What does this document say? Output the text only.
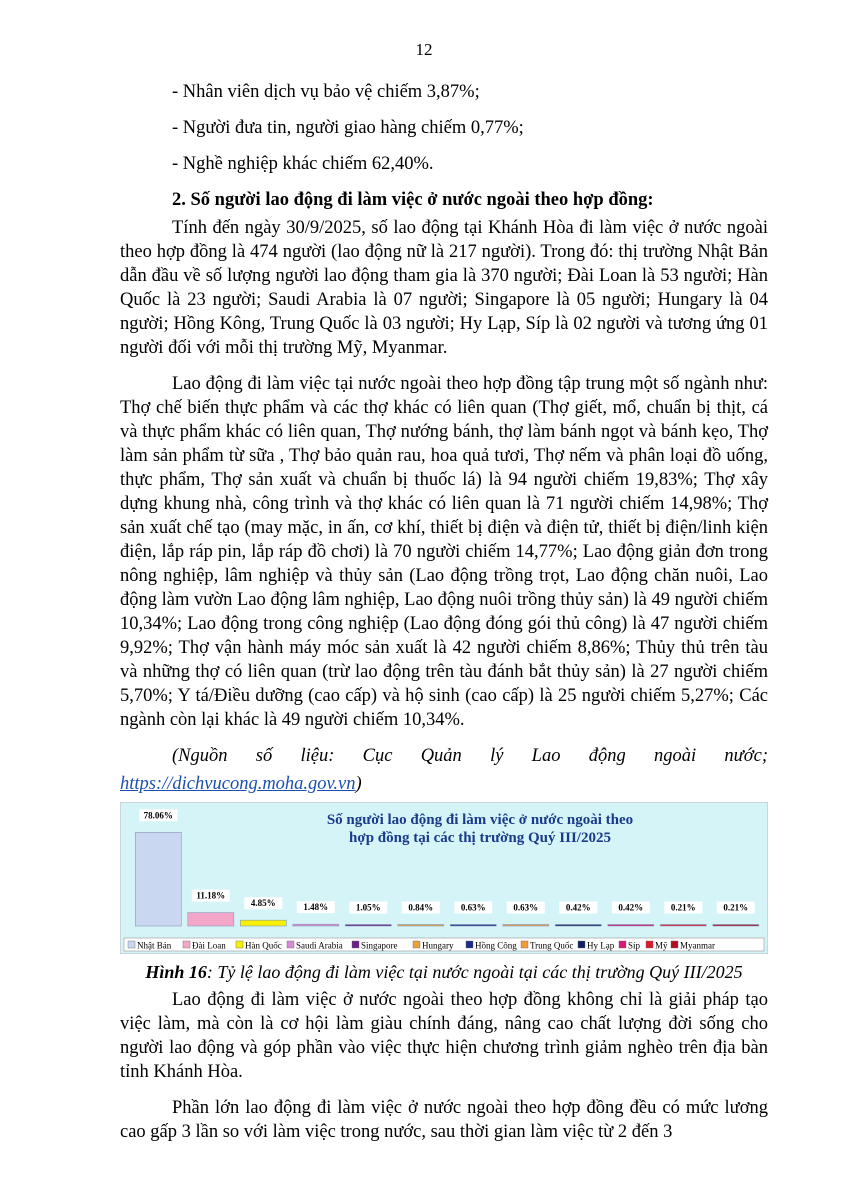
12

- Nhân viên dịch vụ bảo vệ chiếm 3,87%;

- Người đưa tin, người giao hàng chiếm 0,77%;

- Nghề nghiệp khác chiếm 62,40%.

2. Số người lao động đi làm việc ở nước ngoài theo hợp đồng:

Tính đến ngày 30/9/2025, số lao động tại Khánh Hòa đi làm việc ở nước ngoài theo hợp đồng là 474 người (lao động nữ là 217 người). Trong đó: thị trường Nhật Bản dẫn đầu về số lượng người lao động tham gia là 370 người; Đài Loan là 53 người; Hàn Quốc là 23 người; Saudi Arabia là 07 người; Singapore là 05 người; Hungary là 04 người; Hồng Kông, Trung Quốc là 03 người; Hy Lạp, Síp là 02 người và tương ứng 01 người đối với mỗi thị trường Mỹ, Myanmar.

Lao động đi làm việc tại nước ngoài theo hợp đồng tập trung một số ngành như: Thợ chế biến thực phẩm và các thợ khác có liên quan (Thợ giết, mổ, chuẩn bị thịt, cá và thực phẩm khác có liên quan, Thợ nướng bánh, thợ làm bánh ngọt và bánh kẹo, Thợ làm sản phẩm từ sữa , Thợ bảo quản rau, hoa quả tươi, Thợ nếm và phân loại đồ uống, thực phẩm, Thợ sản xuất và chuẩn bị thuốc lá) là 94 người chiếm 19,83%; Thợ xây dựng khung nhà, công trình và thợ khác có liên quan là 71 người chiếm 14,98%; Thợ sản xuất chế tạo (may mặc, in ấn, cơ khí, thiết bị điện và điện tử, thiết bị điện/linh kiện điện, lắp ráp pin, lắp ráp đồ chơi) là 70 người chiếm 14,77%; Lao động giản đơn trong nông nghiệp, lâm nghiệp và thủy sản (Lao động trồng trọt, Lao động chăn nuôi, Lao động làm vườn Lao động lâm nghiệp, Lao động nuôi trồng thủy sản) là 49 người chiếm 10,34%; Lao động trong công nghiệp (Lao động đóng gói thủ công) là 47 người chiếm 9,92%; Thợ vận hành máy móc sản xuất là 42 người chiếm 8,86%; Thủy thủ trên tàu và những thợ có liên quan (trừ lao động trên tàu đánh bắt thủy sản) là 27 người chiếm 5,70%; Y tá/Điều dưỡng (cao cấp) và hộ sinh (cao cấp) là 25 người chiếm 5,27%; Các ngành còn lại khác là 49 người chiếm 10,34%.

(Nguồn số liệu: Cục Quản lý Lao động ngoài nước;

https://dichvucong.moha.gov.vn)

Số người lao động đi làm việc ở nước ngoài theo
hợp đồng tại các thị trường Quý III/2025
78.06%
11.18%
4.85%	1.48%	1.05%	0.84%	0.63%	0.63%	0.42%	0.42%	0.21%	0.21%
Nhật Bản Đài Loan Hàn Quốc Saudi Arabia Singapore	Hungary Hồng Công Trung Quốc Hy Lạp Síp Mỹ Myanmar

Hình 16: Tỷ lệ lao động đi làm việc tại nước ngoài tại các thị trường Quý III/2025

Lao động đi làm việc ở nước ngoài theo hợp đồng không chỉ là giải pháp tạo việc làm, mà còn là cơ hội làm giàu chính đáng, nâng cao chất lượng đời sống cho người lao động và góp phần vào việc thực hiện chương trình giảm nghèo trên địa bàn tỉnh Khánh Hòa.

Phần lớn lao động đi làm việc ở nước ngoài theo hợp đồng đều có mức lương cao gấp 3 lần so với làm việc trong nước, sau thời gian làm việc từ 2 đến 3
